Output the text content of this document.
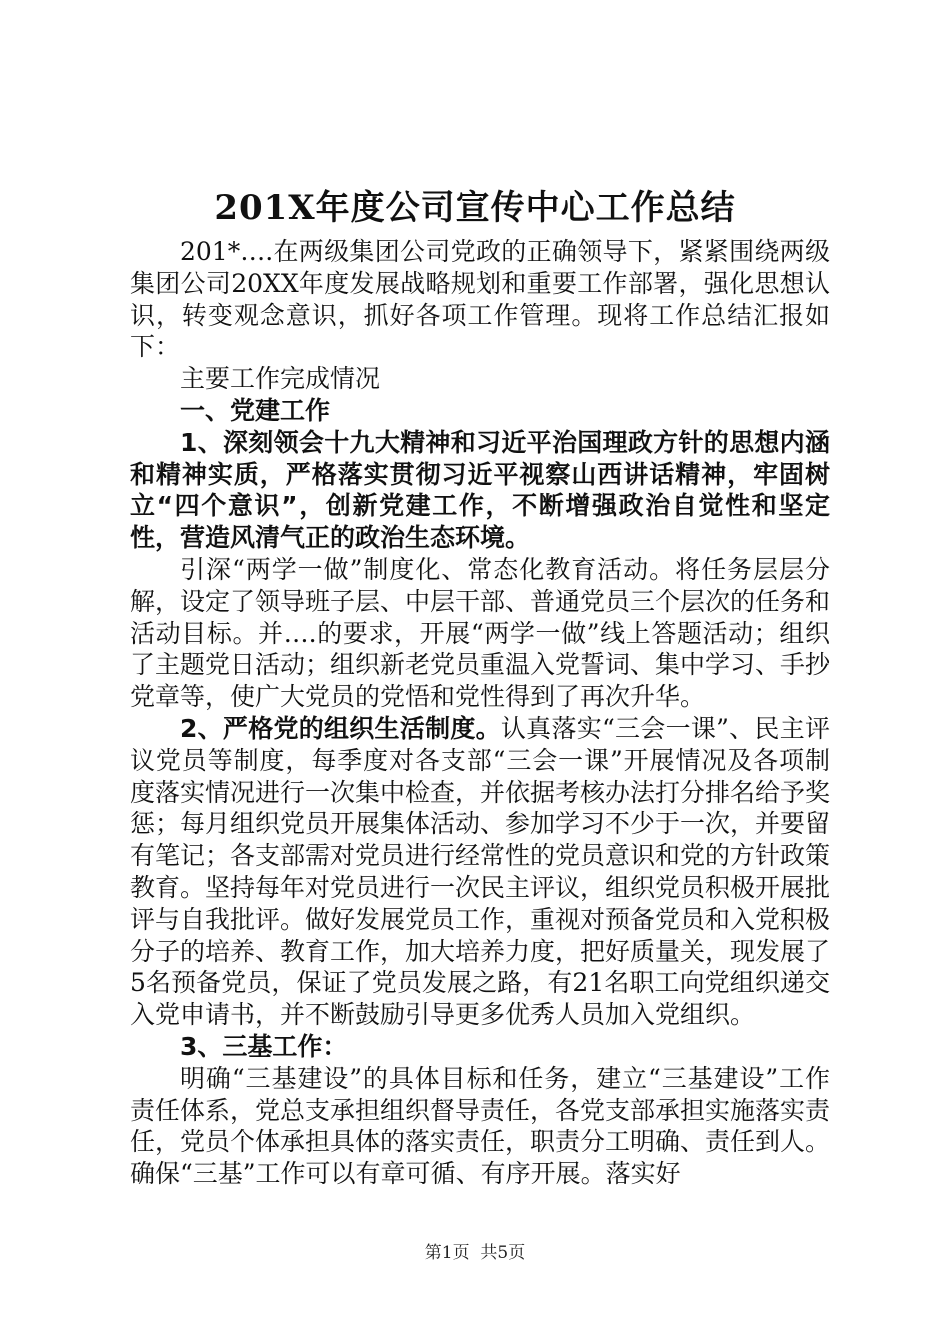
201X年度公司宣传中心工作总结

201*….在两级集团公司党政的正确领导下，紧紧围绕两级集团公司20XX年度发展战略规划和重要工作部署，强化思想认识，转变观念意识，抓好各项工作管理。现将工作总结汇报如下：

主要工作完成情况

一、党建工作

1、深刻领会十九大精神和习近平治国理政方针的思想内涵和精神实质，严格落实贯彻习近平视察山西讲话精神，牢固树立“四个意识”，创新党建工作，不断增强政治自觉性和坚定性，营造风清气正的政治生态环境。

引深“两学一做”制度化、常态化教育活动。将任务层层分解，设定了领导班子层、中层干部、普通党员三个层次的任务和活动目标。并….的要求，开展“两学一做”线上答题活动；组织了主题党日活动；组织新老党员重温入党誓词、集中学习、手抄党章等，使广大党员的党悟和党性得到了再次升华。

2、严格党的组织生活制度。认真落实“三会一课”、民主评议党员等制度，每季度对各支部“三会一课”开展情况及各项制度落实情况进行一次集中检查，并依据考核办法打分排名给予奖惩；每月组织党员开展集体活动、参加学习不少于一次，并要留有笔记；各支部需对党员进行经常性的党员意识和党的方针政策教育。坚持每年对党员进行一次民主评议，组织党员积极开展批评与自我批评。做好发展党员工作，重视对预备党员和入党积极分子的培养、教育工作，加大培养力度，把好质量关，现发展了5名预备党员，保证了党员发展之路，有21名职工向党组织递交入党申请书，并不断鼓励引导更多优秀人员加入党组织。

3、三基工作：

明确“三基建设”的具体目标和任务，建立“三基建设”工作责任体系，党总支承担组织督导责任，各党支部承担实施落实责任，党员个体承担具体的落实责任，职责分工明确、责任到人。确保“三基”工作可以有章可循、有序开展。落实好

第1页 共5页
